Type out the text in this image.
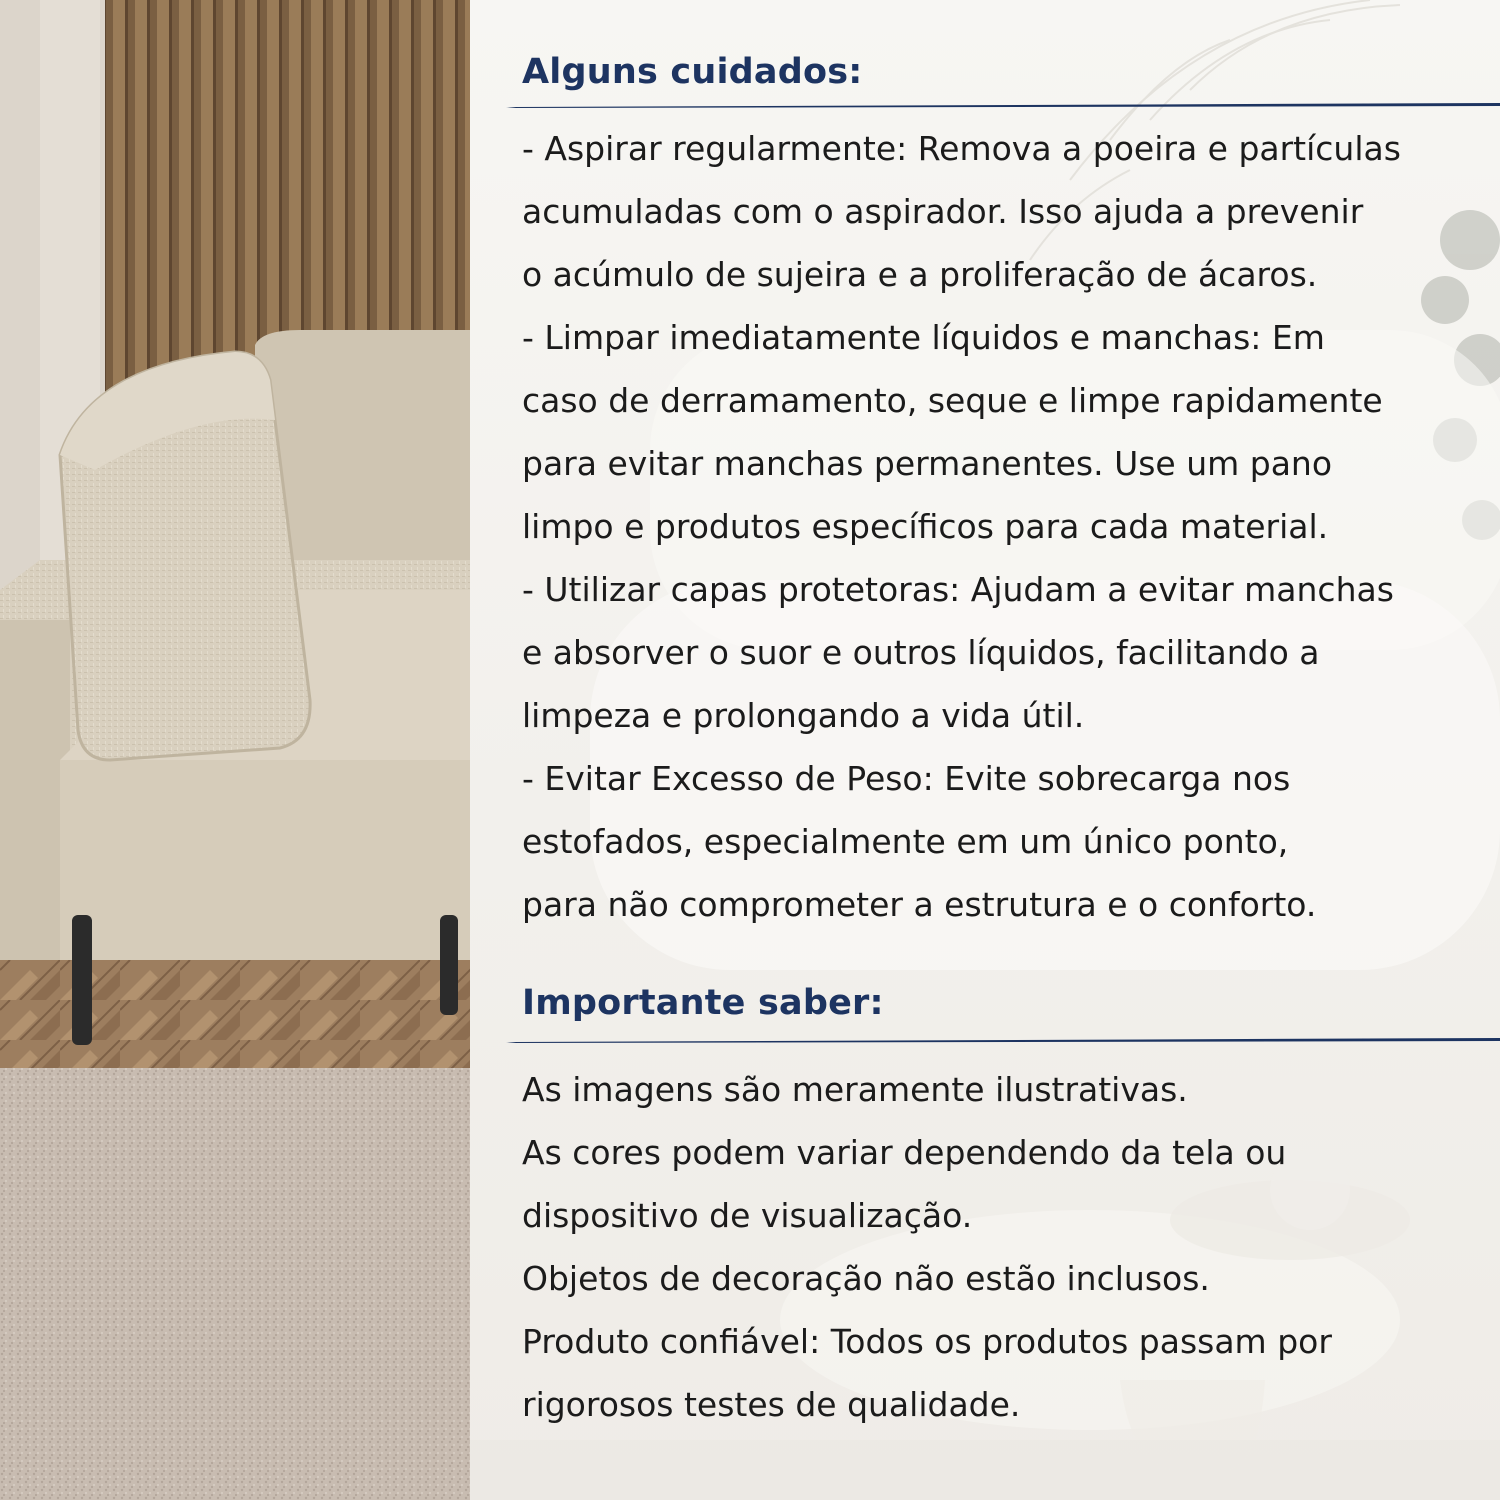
Alguns cuidados:
- Aspirar regularmente: Remova a poeira e partículas
acumuladas com o aspirador. Isso ajuda a prevenir
o acúmulo de sujeira e a proliferação de ácaros.
- Limpar imediatamente líquidos e manchas: Em
caso de derramamento, seque e limpe rapidamente
para evitar manchas permanentes. Use um pano
limpo e produtos específicos para cada material.
- Utilizar capas protetoras: Ajudam a evitar manchas
e absorver o suor e outros líquidos, facilitando a
limpeza e prolongando a vida útil.
- Evitar Excesso de Peso: Evite sobrecarga nos
estofados, especialmente em um único ponto,
para não comprometer a estrutura e o conforto.
Importante saber:
As imagens são meramente ilustrativas.
As cores podem variar dependendo da tela ou
dispositivo de visualização.
Objetos de decoração não estão inclusos.
Produto confiável: Todos os produtos passam por
rigorosos testes de qualidade.
